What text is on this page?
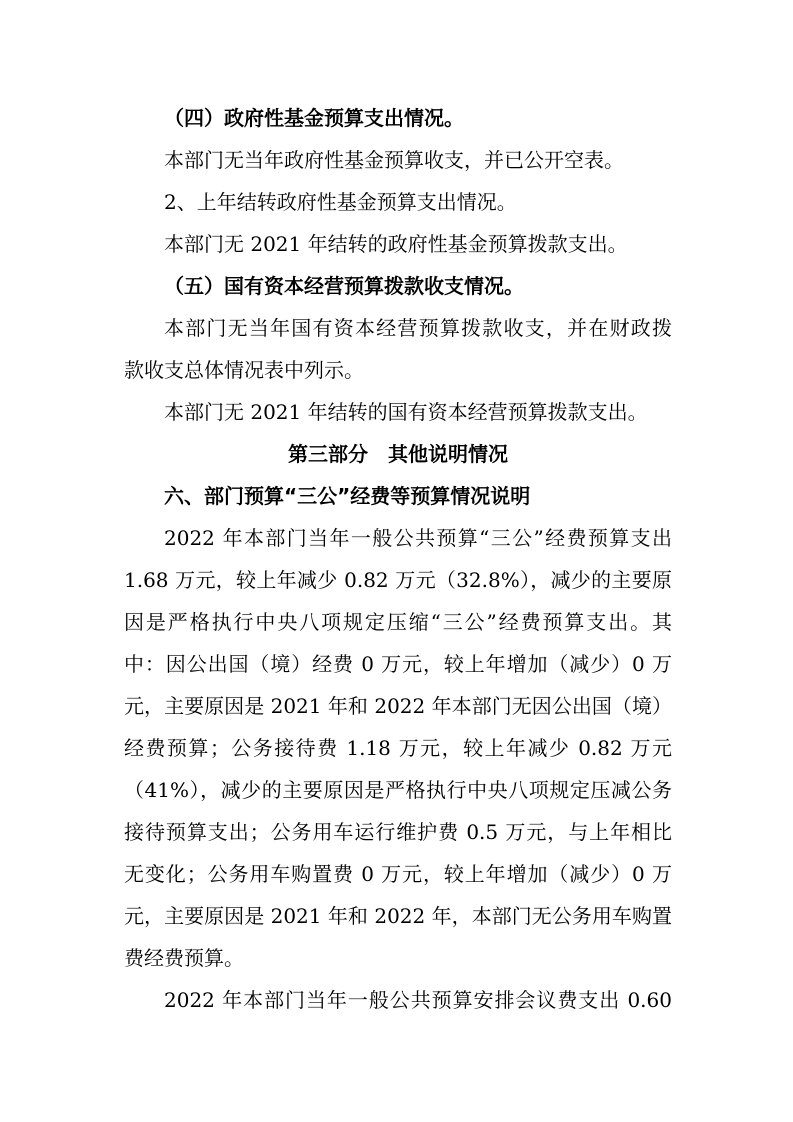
（四）政府性基金预算支出情况。
本部门无当年政府性基金预算收支，并已公开空表。
2、上年结转政府性基金预算支出情况。
本部门无 2021 年结转的政府性基金预算拨款支出。
（五）国有资本经营预算拨款收支情况。
本部门无当年国有资本经营预算拨款收支，并在财政拨
款收支总体情况表中列示。
本部门无 2021 年结转的国有资本经营预算拨款支出。
第三部分　其他说明情况
六、部门预算“三公”经费等预算情况说明
2022 年本部门当年一般公共预算“三公”经费预算支出
1.68 万元，较上年减少 0.82 万元（32.8%），减少的主要原
因是严格执行中央八项规定压缩“三公”经费预算支出。其
中：因公出国（境）经费 0 万元，较上年增加（减少）0 万
元，主要原因是 2021 年和 2022 年本部门无因公出国（境）
经费预算；公务接待费 1.18 万元，较上年减少 0.82 万元
（41%），减少的主要原因是严格执行中央八项规定压减公务
接待预算支出；公务用车运行维护费 0.5 万元，与上年相比
无变化；公务用车购置费 0 万元，较上年增加（减少）0 万
元，主要原因是 2021 年和 2022 年，本部门无公务用车购置
费经费预算。
2022 年本部门当年一般公共预算安排会议费支出 0.60
